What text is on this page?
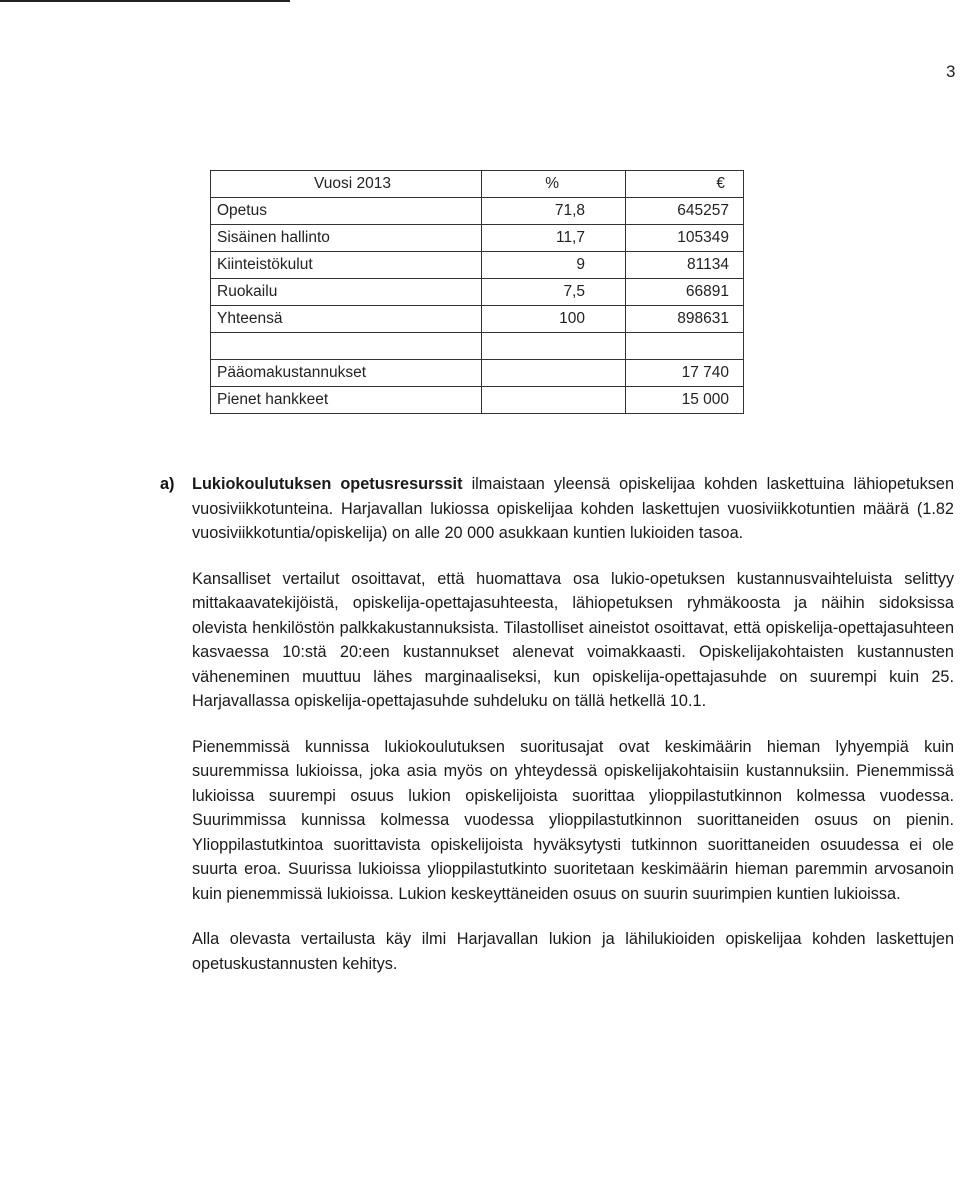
3
Vuosi 2013	%	€
Opetus	71,8	645257
Sisäinen hallinto	11,7	105349
Kiinteistökulut	9	81134
Ruokailu	7,5	66891
Yhteensä	100	898631

Pääomakustannukset		17 740
Pienet hankkeet		15 000
a) Lukiokoulutuksen opetusresurssit ilmaistaan yleensä opiskelijaa kohden laskettuina lähiopetuksen vuosiviikkotunteina. Harjavallan lukiossa opiskelijaa kohden laskettujen vuosiviikkotuntien määrä (1.82 vuosiviikkotuntia/opiskelija) on alle 20 000 asukkaan kuntien lukioiden tasoa.

Kansalliset vertailut osoittavat, että huomattava osa lukio-opetuksen kustannusvaihteluista selittyy mittakaavatekijöistä, opiskelija-opettajasuhteesta, lähiopetuksen ryhmäkoosta ja näihin sidoksissa olevista henkilöstön palkkakustannuksista. Tilastolliset aineistot osoittavat, että opiskelija-opettajasuhteen kasvaessa 10:stä 20:een kustannukset alenevat voimakkaasti. Opiskelijakohtaisten kustannusten väheneminen muuttuu lähes marginaaliseksi, kun opiskelija-opettajasuhde on suurempi kuin 25. Harjavallassa opiskelija-opettajasuhde suhdeluku on tällä hetkellä 10.1.

Pienemmissä kunnissa lukiokoulutuksen suoritusajat ovat keskimäärin hieman lyhyempiä kuin suuremmissa lukioissa, joka asia myös on yhteydessä opiskelijakohtaisiin kustannuksiin. Pienemmissä lukioissa suurempi osuus lukion opiskelijoista suorittaa ylioppilastutkinnon kolmessa vuodessa. Suurimmissa kunnissa kolmessa vuodessa ylioppilastutkinnon suorittaneiden osuus on pienin. Ylioppilastutkintoa suorittavista opiskelijoista hyväksytysti tutkinnon suorittaneiden osuudessa ei ole suurta eroa. Suurissa lukioissa ylioppilastutkinto suoritetaan keskimäärin hieman paremmin arvosanoin kuin pienemmissä lukioissa. Lukion keskeyttäneiden osuus on suurin suurimpien kuntien lukioissa.

Alla olevasta vertailusta käy ilmi Harjavallan lukion ja lähilukioiden opiskelijaa kohden laskettujen opetuskustannusten kehitys.
